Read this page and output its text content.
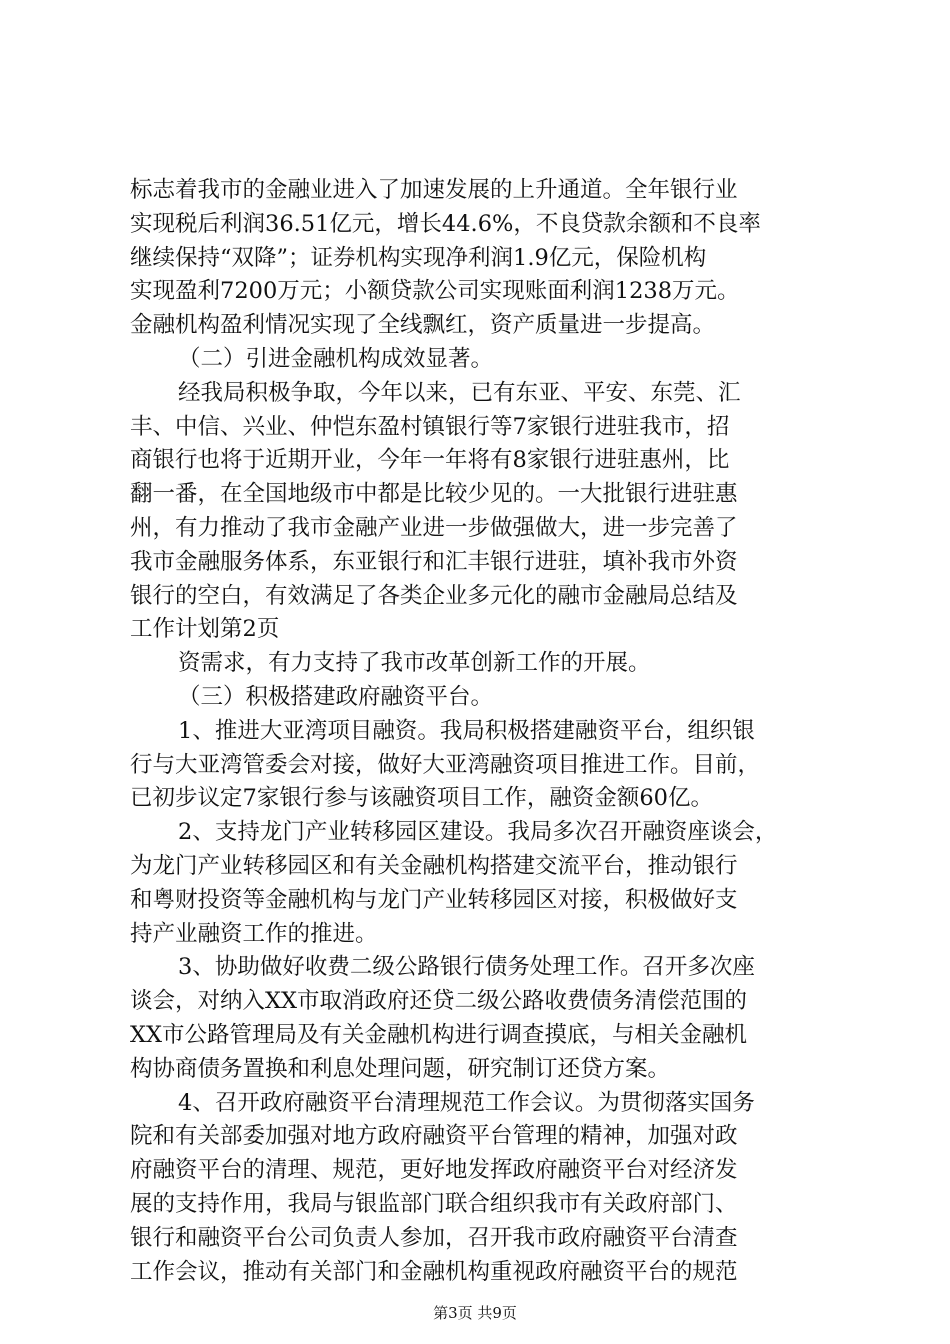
标志着我市的金融业进入了加速发展的上升通道。全年银行业
实现税后利润36.51亿元，增长44.6%，不良贷款余额和不良率
继续保持“双降”；证券机构实现净利润1.9亿元，保险机构
实现盈利7200万元；小额贷款公司实现账面利润1238万元。
金融机构盈利情况实现了全线飘红，资产质量进一步提高。
（二）引进金融机构成效显著。
经我局积极争取，今年以来，已有东亚、平安、东莞、汇
丰、中信、兴业、仲恺东盈村镇银行等7家银行进驻我市，招
商银行也将于近期开业，今年一年将有8家银行进驻惠州，比
翻一番，在全国地级市中都是比较少见的。一大批银行进驻惠
州，有力推动了我市金融产业进一步做强做大，进一步完善了
我市金融服务体系，东亚银行和汇丰银行进驻，填补我市外资
银行的空白，有效满足了各类企业多元化的融市金融局总结及
工作计划第2页
资需求，有力支持了我市改革创新工作的开展。
（三）积极搭建政府融资平台。
1、推进大亚湾项目融资。我局积极搭建融资平台，组织银
行与大亚湾管委会对接，做好大亚湾融资项目推进工作。目前，
已初步议定7家银行参与该融资项目工作，融资金额60亿。
2、支持龙门产业转移园区建设。我局多次召开融资座谈会，
为龙门产业转移园区和有关金融机构搭建交流平台，推动银行
和粤财投资等金融机构与龙门产业转移园区对接，积极做好支
持产业融资工作的推进。
3、协助做好收费二级公路银行债务处理工作。召开多次座
谈会，对纳入XX市取消政府还贷二级公路收费债务清偿范围的
XX市公路管理局及有关金融机构进行调查摸底，与相关金融机
构协商债务置换和利息处理问题，研究制订还贷方案。
4、召开政府融资平台清理规范工作会议。为贯彻落实国务
院和有关部委加强对地方政府融资平台管理的精神，加强对政
府融资平台的清理、规范，更好地发挥政府融资平台对经济发
展的支持作用，我局与银监部门联合组织我市有关政府部门、
银行和融资平台公司负责人参加，召开我市政府融资平台清查
工作会议，推动有关部门和金融机构重视政府融资平台的规范
第3页 共9页
